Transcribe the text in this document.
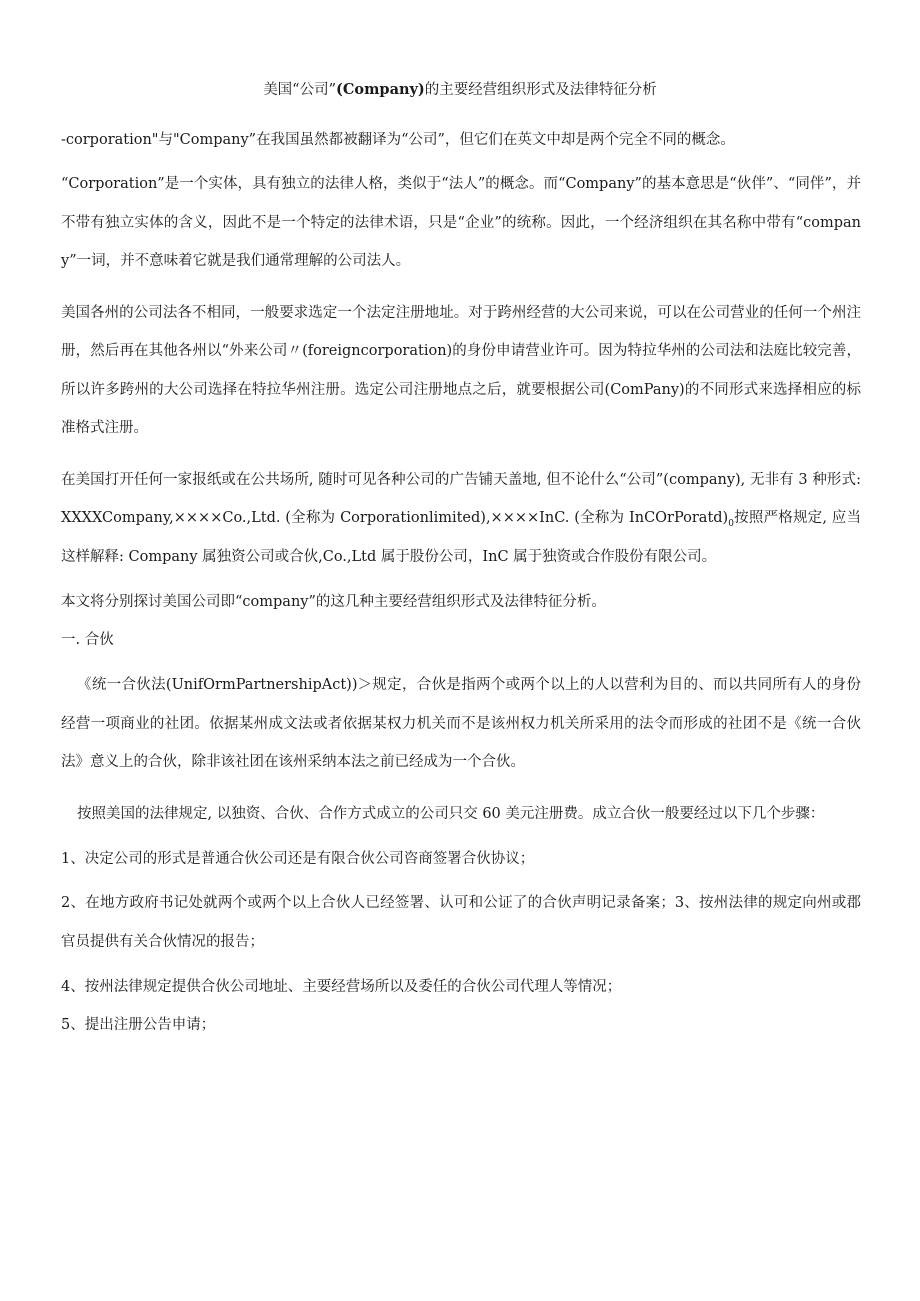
美国“公司”(Company)的主要经营组织形式及法律特征分析

-corporation"与"Company”在我国虽然都被翻译为“公司”，但它们在英文中却是两个完全不同的概念。

“Corporation”是一个实体，具有独立的法律人格，类似于“法人”的概念。而“Company”的基本意思是“伙伴”、“同伴”，并不带有独立实体的含义，因此不是一个特定的法律术语，只是“企业”的统称。因此，一个经济组织在其名称中带有“company”一词，并不意味着它就是我们通常理解的公司法人。

美国各州的公司法各不相同，一般要求选定一个法定注册地址。对于跨州经营的大公司来说，可以在公司营业的任何一个州注册，然后再在其他各州以“外来公司〃(foreigncorporation)的身份申请营业许可。因为特拉华州的公司法和法庭比较完善，所以许多跨州的大公司选择在特拉华州注册。选定公司注册地点之后，就要根据公司(ComPany)的不同形式来选择相应的标准格式注册。

在美国打开任何一家报纸或在公共场所, 随时可见各种公司的广告铺天盖地, 但不论什么“公司”(company), 无非有 3 种形式: XXXXCompany,××××Co.,Ltd. (全称为 Corporationlimited),××××InC. (全称为 $InCOrPoratd)_0$按照严格规定, 应当这样解释: Company 属独资公司或合伙,Co.,Ltd 属于股份公司，InC 属于独资或合作股份有限公司。

本文将分别探讨美国公司即“company”的这几种主要经营组织形式及法律特征分析。

一. 合伙

《统一合伙法(UnifOrmPartnershipAct))＞规定，合伙是指两个或两个以上的人以营利为目的、而以共同所有人的身份经营一项商业的社团。依据某州成文法或者依据某权力机关而不是该州权力机关所采用的法令而形成的社团不是《统一合伙法》意义上的合伙，除非该社团在该州采纳本法之前已经成为一个合伙。

按照美国的法律规定, 以独资、合伙、合作方式成立的公司只交 60 美元注册费。成立合伙一般要经过以下几个步骤：

1、决定公司的形式是普通合伙公司还是有限合伙公司咨商签署合伙协议；

2、在地方政府书记处就两个或两个以上合伙人已经签署、认可和公证了的合伙声明记录备案；3、按州法律的规定向州或郡官员提供有关合伙情况的报告；

4、按州法律规定提供合伙公司地址、主要经营场所以及委任的合伙公司代理人等情况；

5、提出注册公告申请；
